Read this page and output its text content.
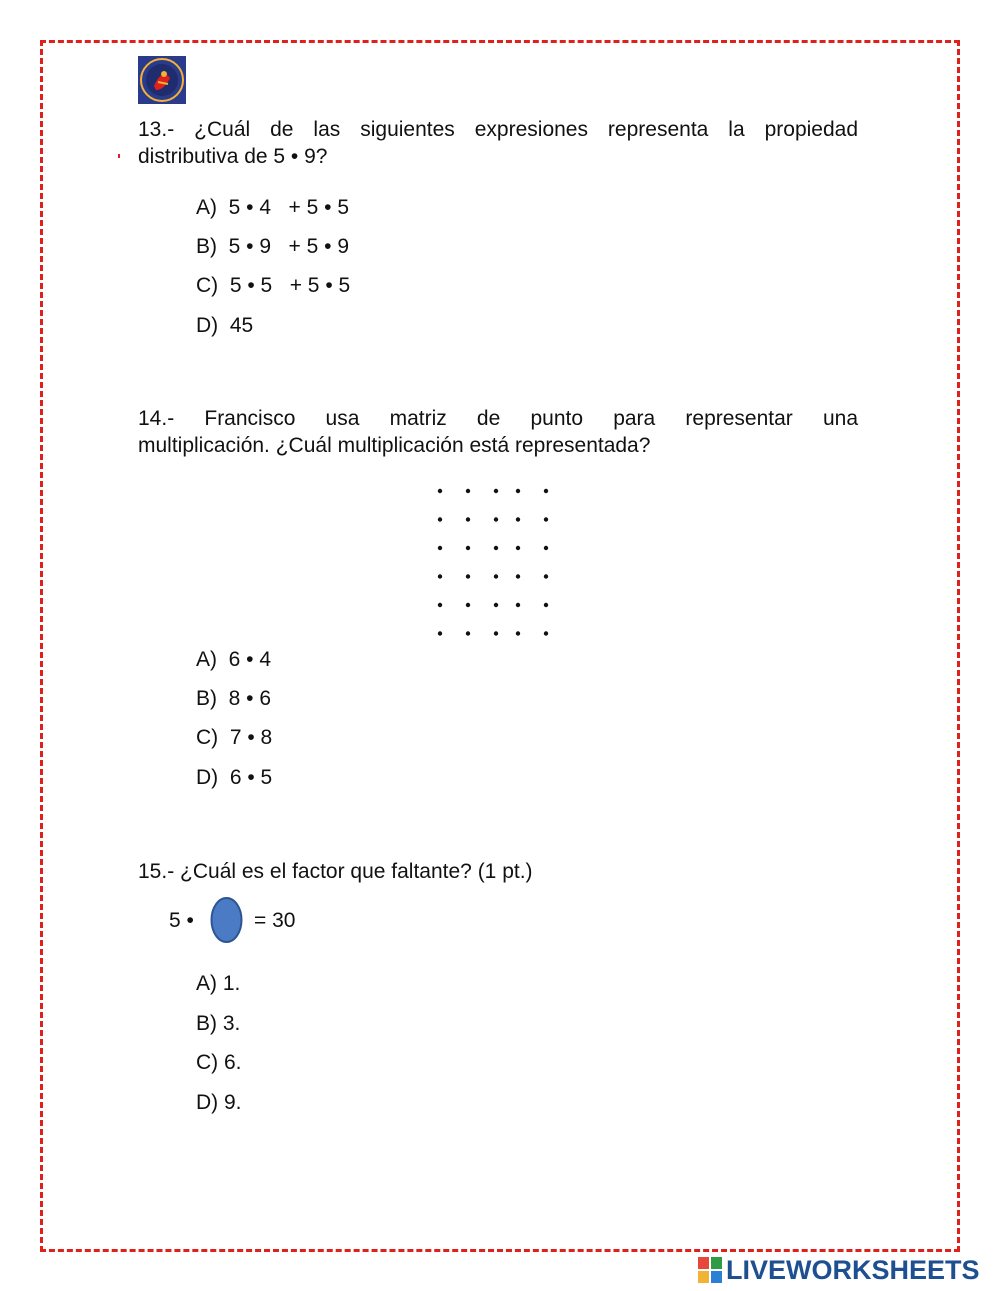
13.- ¿Cuál de las siguientes expresiones representa la propiedad
distributiva de 5 • 9?
A)  5 • 4   + 5 • 5
B)  5 • 9   + 5 • 9
C)  5 • 5   + 5 • 5
D)  45
14.- Francisco usa matriz de punto para representar una
multiplicación. ¿Cuál multiplicación está representada?
A)  6 • 4
B)  8 • 6
C)  7 • 8
D)  6 • 5
15.- ¿Cuál es el factor que faltante? (1 pt.)
5 •	= 30
A) 1.
B) 3.
C) 6.
D) 9.
LIVEWORKSHEETS
